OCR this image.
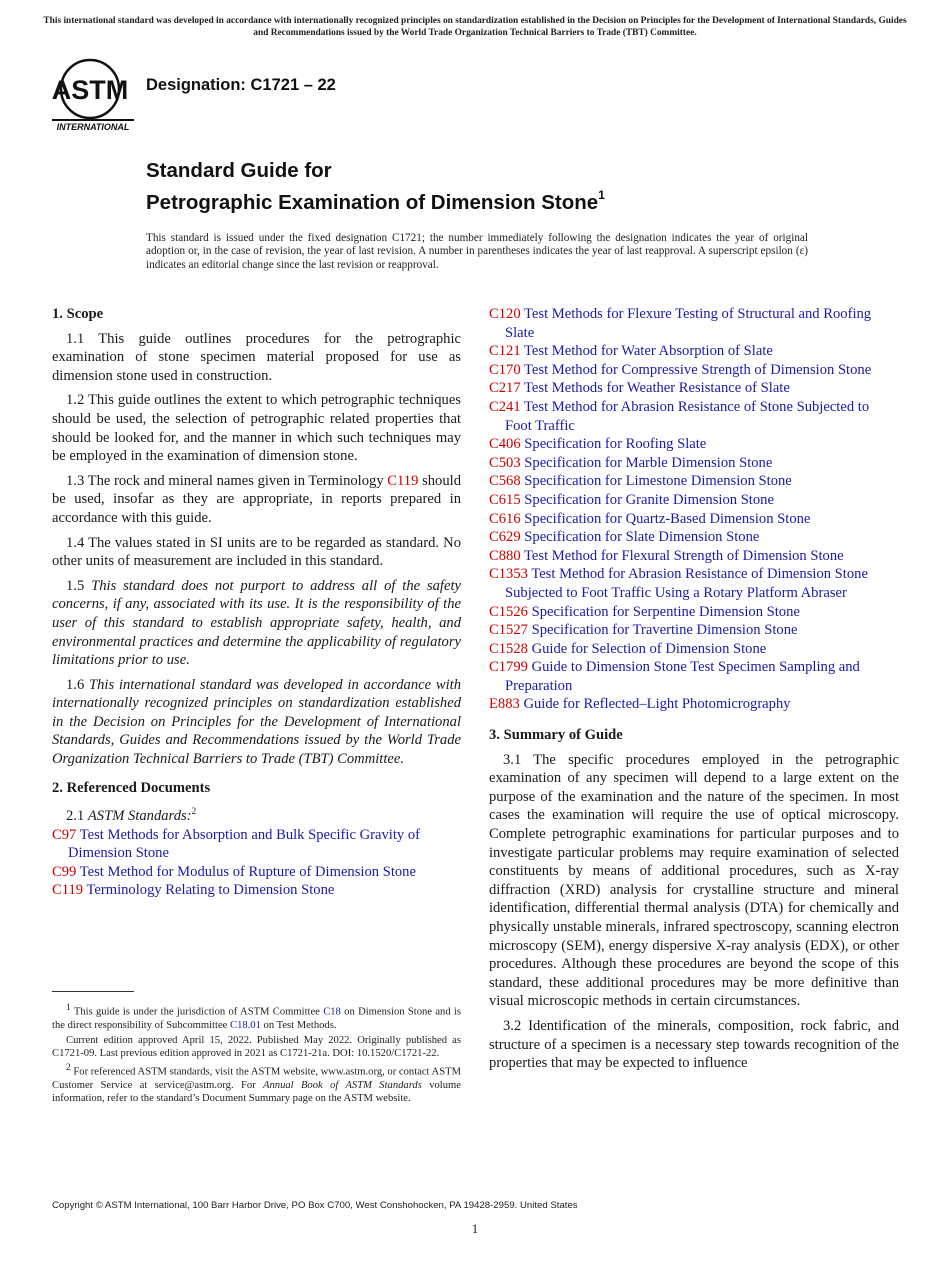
This international standard was developed in accordance with internationally recognized principles on standardization established in the Decision on Principles for the Development of International Standards, Guides and Recommendations issued by the World Trade Organization Technical Barriers to Trade (TBT) Committee.
ASTM
INTERNATIONAL
Designation: C1721 – 22
Standard Guide for
Petrographic Examination of Dimension Stone$^1$
This standard is issued under the fixed designation C1721; the number immediately following the designation indicates the year of original adoption or, in the case of revision, the year of last revision. A number in parentheses indicates the year of last reapproval. A superscript epsilon (ε) indicates an editorial change since the last revision or reapproval.
1. Scope

1.1 This guide outlines procedures for the petrographic examination of stone specimen material proposed for use as dimension stone used in construction.

1.2 This guide outlines the extent to which petrographic techniques should be used, the selection of petrographic related properties that should be looked for, and the manner in which such techniques may be employed in the examination of dimension stone.

1.3 The rock and mineral names given in Terminology C119 should be used, insofar as they are appropriate, in reports prepared in accordance with this guide.

1.4 The values stated in SI units are to be regarded as standard. No other units of measurement are included in this standard.

1.5 This standard does not purport to address all of the safety concerns, if any, associated with its use. It is the responsibility of the user of this standard to establish appropriate safety, health, and environmental practices and determine the applicability of regulatory limitations prior to use.

1.6 This international standard was developed in accordance with internationally recognized principles on standardization established in the Decision on Principles for the Development of International Standards, Guides and Recommendations issued by the World Trade Organization Technical Barriers to Trade (TBT) Committee.

2. Referenced Documents
2.1 ASTM Standards:$^2$
C97 Test Methods for Absorption and Bulk Specific Gravity of Dimension Stone
C99 Test Method for Modulus of Rupture of Dimension Stone
C119 Terminology Relating to Dimension Stone

$^1$ This guide is under the jurisdiction of ASTM Committee C18 on Dimension Stone and is the direct responsibility of Subcommittee C18.01 on Test Methods.

Current edition approved April 15, 2022. Published May 2022. Originally published as C1721-09. Last previous edition approved in 2021 as C1721-21a. DOI: 10.1520/C1721-22.

$^2$ For referenced ASTM standards, visit the ASTM website, www.astm.org, or contact ASTM Customer Service at service@astm.org. For Annual Book of ASTM Standards volume information, refer to the standard’s Document Summary page on the ASTM website.

C120 Test Methods for Flexure Testing of Structural and Roofing Slate
C121 Test Method for Water Absorption of Slate
C170 Test Method for Compressive Strength of Dimension Stone
C217 Test Methods for Weather Resistance of Slate
C241 Test Method for Abrasion Resistance of Stone Subjected to Foot Traffic
C406 Specification for Roofing Slate
C503 Specification for Marble Dimension Stone
C568 Specification for Limestone Dimension Stone
C615 Specification for Granite Dimension Stone
C616 Specification for Quartz-Based Dimension Stone
C629 Specification for Slate Dimension Stone
C880 Test Method for Flexural Strength of Dimension Stone
C1353 Test Method for Abrasion Resistance of Dimension Stone Subjected to Foot Traffic Using a Rotary Platform Abraser
C1526 Specification for Serpentine Dimension Stone
C1527 Specification for Travertine Dimension Stone
C1528 Guide for Selection of Dimension Stone
C1799 Guide to Dimension Stone Test Specimen Sampling and Preparation
E883 Guide for Reflected–Light Photomicrography
3. Summary of Guide

3.1 The specific procedures employed in the petrographic examination of any specimen will depend to a large extent on the purpose of the examination and the nature of the specimen. In most cases the examination will require the use of optical microscopy. Complete petrographic examinations for particular purposes and to investigate particular problems may require examination of selected constituents by means of additional procedures, such as X-ray diffraction (XRD) analysis for crystalline structure and mineral identification, differential thermal analysis (DTA) for chemically and physically unstable minerals, infrared spectroscopy, scanning electron microscopy (SEM), energy dispersive X-ray analysis (EDX), or other procedures. Although these procedures are beyond the scope of this standard, these additional procedures may be more definitive than visual microscopic methods in certain circumstances.

3.2 Identification of the minerals, composition, rock fabric, and structure of a specimen is a necessary step towards recognition of the properties that may be expected to influence

Copyright © ASTM International, 100 Barr Harbor Drive, PO Box C700, West Conshohocken, PA 19428-2959. United States
1
